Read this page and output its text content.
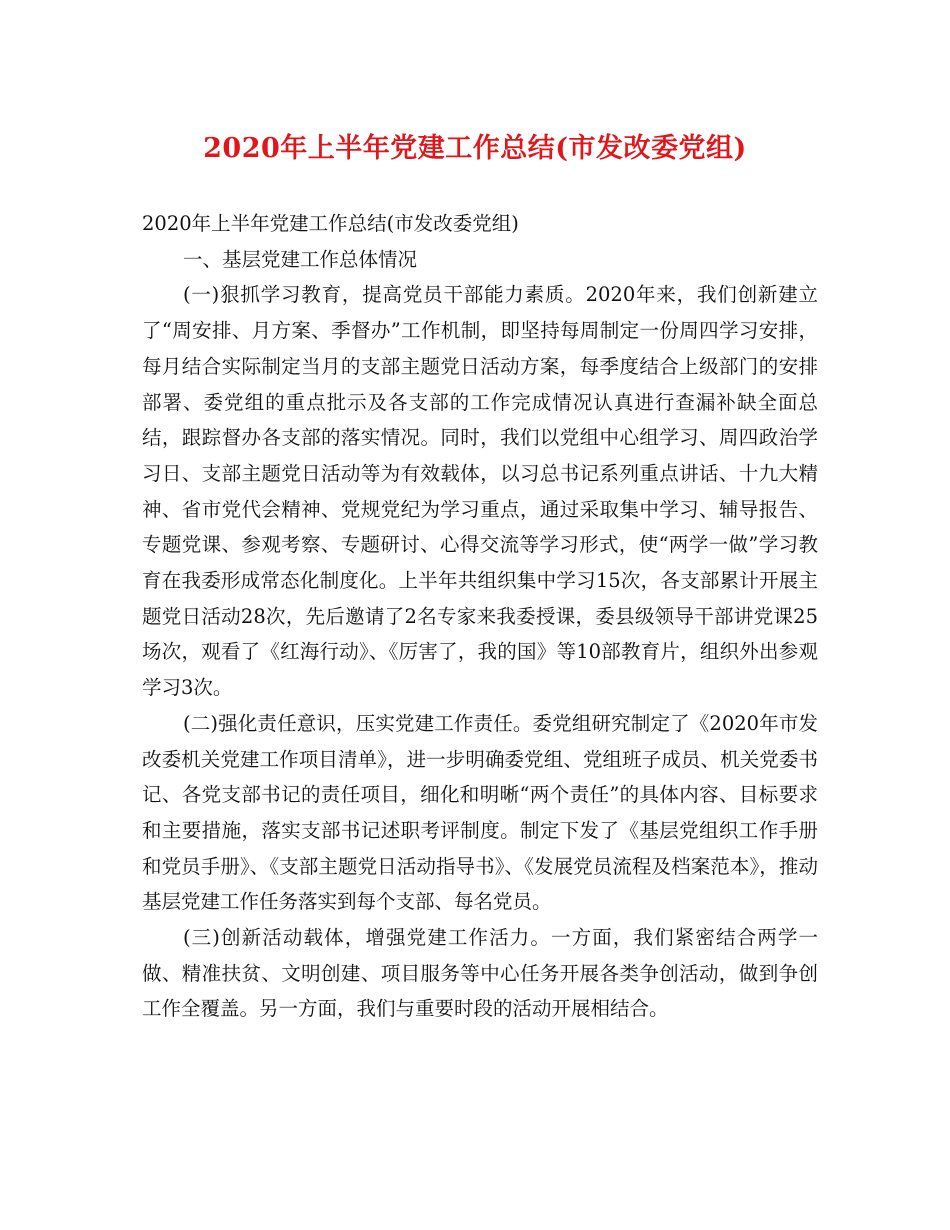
2020年上半年党建工作总结(市发改委党组)

2020年上半年党建工作总结(市发改委党组)

一、基层党建工作总体情况

(一)狠抓学习教育，提高党员干部能力素质。2020年来，我们创新建立了“周安排、月方案、季督办”工作机制，即坚持每周制定一份周四学习安排，每月结合实际制定当月的支部主题党日活动方案，每季度结合上级部门的安排部署、委党组的重点批示及各支部的工作完成情况认真进行查漏补缺全面总结，跟踪督办各支部的落实情况。同时，我们以党组中心组学习、周四政治学习日、支部主题党日活动等为有效载体，以习总书记系列重点讲话、十九大精神、省市党代会精神、党规党纪为学习重点，通过采取集中学习、辅导报告、专题党课、参观考察、专题研讨、心得交流等学习形式，使“两学一做”学习教育在我委形成常态化制度化。上半年共组织集中学习15次，各支部累计开展主题党日活动28次，先后邀请了2名专家来我委授课，委县级领导干部讲党课25场次，观看了《红海行动》、《厉害了，我的国》等10部教育片，组织外出参观学习3次。

(二)强化责任意识，压实党建工作责任。委党组研究制定了《2020年市发改委机关党建工作项目清单》，进一步明确委党组、党组班子成员、机关党委书记、各党支部书记的责任项目，细化和明晰“两个责任”的具体内容、目标要求和主要措施，落实支部书记述职考评制度。制定下发了《基层党组织工作手册和党员手册》、《支部主题党日活动指导书》、《发展党员流程及档案范本》，推动基层党建工作任务落实到每个支部、每名党员。

(三)创新活动载体，增强党建工作活力。一方面，我们紧密结合两学一做、精准扶贫、文明创建、项目服务等中心任务开展各类争创活动，做到争创工作全覆盖。另一方面，我们与重要时段的活动开展相结合。
